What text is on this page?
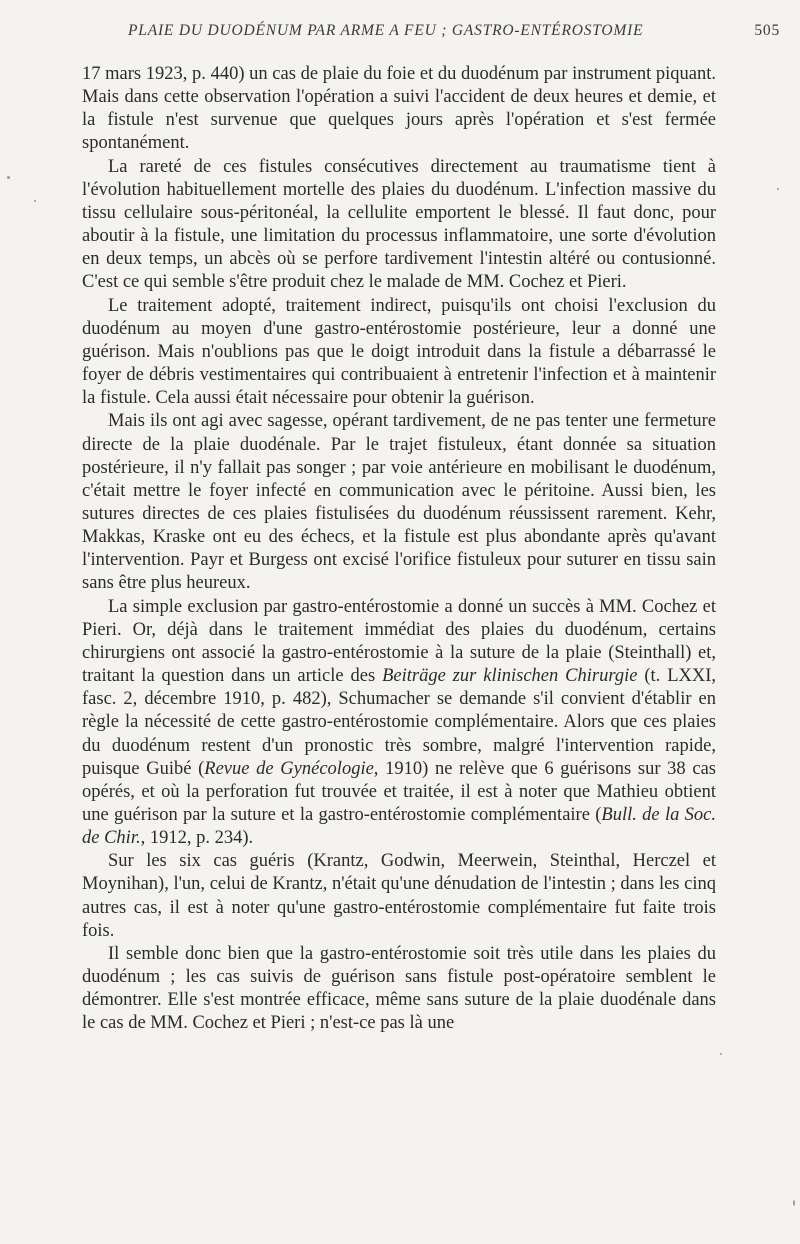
PLAIE DU DUODÉNUM PAR ARME A FEU ; GASTRO-ENTÉROSTOMIE	505

17 mars 1923, p. 440) un cas de plaie du foie et du duodénum par instrument piquant. Mais dans cette observation l'opération a suivi l'accident de deux heures et demie, et la fistule n'est survenue que quelques jours après l'opération et s'est fermée spontanément.

La rareté de ces fistules consécutives directement au traumatisme tient à l'évolution habituellement mortelle des plaies du duodénum. L'infection massive du tissu cellulaire sous-péritonéal, la cellulite emportent le blessé. Il faut donc, pour aboutir à la fistule, une limitation du processus inflammatoire, une sorte d'évolution en deux temps, un abcès où se perfore tardivement l'intestin altéré ou contusionné. C'est ce qui semble s'être produit chez le malade de MM. Cochez et Pieri.

Le traitement adopté, traitement indirect, puisqu'ils ont choisi l'exclusion du duodénum au moyen d'une gastro-entérostomie postérieure, leur a donné une guérison. Mais n'oublions pas que le doigt introduit dans la fistule a débarrassé le foyer de débris vestimentaires qui contribuaient à entretenir l'infection et à maintenir la fistule. Cela aussi était nécessaire pour obtenir la guérison.

Mais ils ont agi avec sagesse, opérant tardivement, de ne pas tenter une fermeture directe de la plaie duodénale. Par le trajet fistuleux, étant donnée sa situation postérieure, il n'y fallait pas songer ; par voie antérieure en mobilisant le duodénum, c'était mettre le foyer infecté en communication avec le péritoine. Aussi bien, les sutures directes de ces plaies fistulisées du duodénum réussissent rarement. Kehr, Makkas, Kraske ont eu des échecs, et la fistule est plus abondante après qu'avant l'intervention. Payr et Burgess ont excisé l'orifice fistuleux pour suturer en tissu sain sans être plus heureux.

La simple exclusion par gastro-entérostomie a donné un succès à MM. Cochez et Pieri. Or, déjà dans le traitement immédiat des plaies du duodénum, certains chirurgiens ont associé la gastro-entérostomie à la suture de la plaie (Steinthall) et, traitant la question dans un article des Beiträge zur klinischen Chirurgie (t. LXXI, fasc. 2, décembre 1910, p. 482), Schumacher se demande s'il convient d'établir en règle la nécessité de cette gastro-entérostomie complémentaire. Alors que ces plaies du duodénum restent d'un pronostic très sombre, malgré l'intervention rapide, puisque Guibé (Revue de Gynécologie, 1910) ne relève que 6 guérisons sur 38 cas opérés, et où la perforation fut trouvée et traitée, il est à noter que Mathieu obtient une guérison par la suture et la gastro-entérostomie complémentaire (Bull. de la Soc. de Chir., 1912, p. 234).

Sur les six cas guéris (Krantz, Godwin, Meerwein, Steinthal, Herczel et Moynihan), l'un, celui de Krantz, n'était qu'une dénudation de l'intestin ; dans les cinq autres cas, il est à noter qu'une gastro-entérostomie complémentaire fut faite trois fois.

Il semble donc bien que la gastro-entérostomie soit très utile dans les plaies du duodénum ; les cas suivis de guérison sans fistule post-opératoire semblent le démontrer. Elle s'est montrée efficace, même sans suture de la plaie duodénale dans le cas de MM. Cochez et Pieri ; n'est-ce pas là une
